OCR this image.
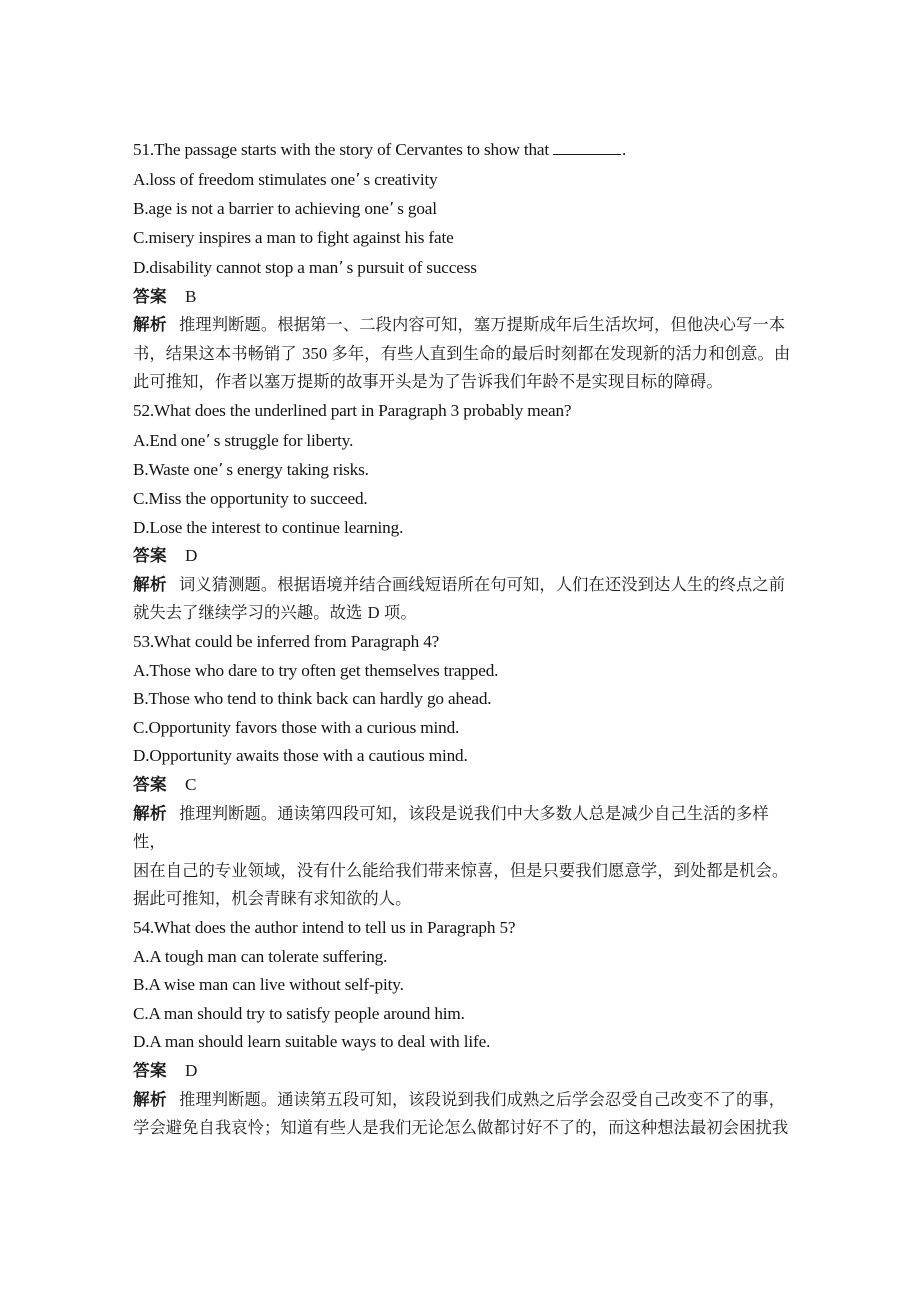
51.The passage starts with the story of Cervantes to show that	.
A.loss of freedom stimulates one’ s creativity
B.age is not a barrier to achieving one’ s goal
C.misery inspires a man to fight against his fate
D.disability cannot stop a man’ s pursuit of success
答案 B
解析 推理判断题。根据第一、二段内容可知，塞万提斯成年后生活坎坷，但他决心写一本
书，结果这本书畅销了 350 多年，有些人直到生命的最后时刻都在发现新的活力和创意。由
此可推知，作者以塞万提斯的故事开头是为了告诉我们年龄不是实现目标的障碍。
52.What does the underlined part in Paragraph 3 probably mean?
A.End one’ s struggle for liberty.
B.Waste one’ s energy taking risks.
C.Miss the opportunity to succeed.
D.Lose the interest to continue learning.
答案 D
解析 词义猜测题。根据语境并结合画线短语所在句可知，人们在还没到达人生的终点之前
就失去了继续学习的兴趣。故选 D 项。
53.What could be inferred from Paragraph 4?
A.Those who dare to try often get themselves trapped.
B.Those who tend to think back can hardly go ahead.
C.Opportunity favors those with a curious mind.
D.Opportunity awaits those with a cautious mind.
答案 C
解析 推理判断题。通读第四段可知，该段是说我们中大多数人总是减少自己生活的多样性，
困在自己的专业领域，没有什么能给我们带来惊喜，但是只要我们愿意学，到处都是机会。
据此可推知，机会青睐有求知欲的人。
54.What does the author intend to tell us in Paragraph 5?
A.A tough man can tolerate suffering.
B.A wise man can live without self-pity.
C.A man should try to satisfy people around him.
D.A man should learn suitable ways to deal with life.
答案 D
解析 推理判断题。通读第五段可知，该段说到我们成熟之后学会忍受自己改变不了的事，
学会避免自我哀怜；知道有些人是我们无论怎么做都讨好不了的，而这种想法最初会困扰我
